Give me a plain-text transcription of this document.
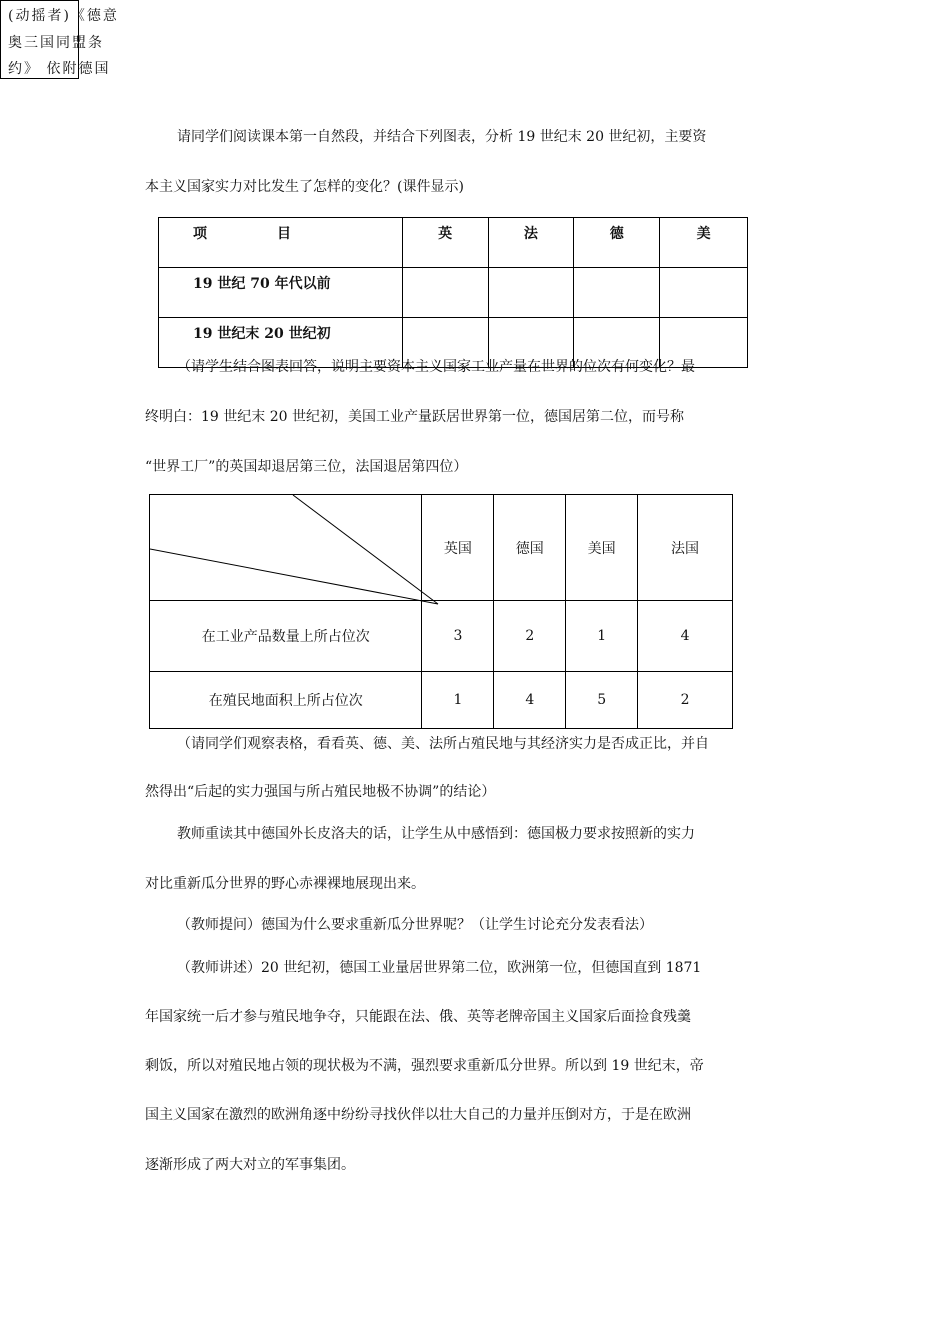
(动摇者)《德意
奥三国同盟条
约》 依附德国
请同学们阅读课本第一自然段，并结合下列图表，分析 19 世纪末 20 世纪初，主要资
本主义国家实力对比发生了怎样的变化？(课件显示)
项　　　　　目	英	法	德	美
19 世纪 70 年代以前				
19 世纪末 20 世纪初				
（请学生结合图表回答，说明主要资本主义国家工业产量在世界的位次有何变化？最
终明白：19 世纪末 20 世纪初，美国工业产量跃居世界第一位，德国居第二位，而号称
“世界工厂”的英国却退居第三位，法国退居第四位）
	英国	德国	美国	法国
在工业产品数量上所占位次	3	2	1	4
在殖民地面积上所占位次	1	4	5	2
（请同学们观察表格，看看英、德、美、法所占殖民地与其经济实力是否成正比，并自
然得出“后起的实力强国与所占殖民地极不协调”的结论）
教师重读其中德国外长皮洛夫的话，让学生从中感悟到：德国极力要求按照新的实力
对比重新瓜分世界的野心赤裸裸地展现出来。
（教师提问）德国为什么要求重新瓜分世界呢？（让学生讨论充分发表看法）
（教师讲述）20 世纪初，德国工业量居世界第二位，欧洲第一位，但德国直到 1871
年国家统一后才参与殖民地争夺，只能跟在法、俄、英等老牌帝国主义国家后面捡食残羹
剩饭，所以对殖民地占领的现状极为不满，强烈要求重新瓜分世界。所以到 19 世纪末，帝
国主义国家在激烈的欧洲角逐中纷纷寻找伙伴以壮大自己的力量并压倒对方，于是在欧洲
逐渐形成了两大对立的军事集团。
